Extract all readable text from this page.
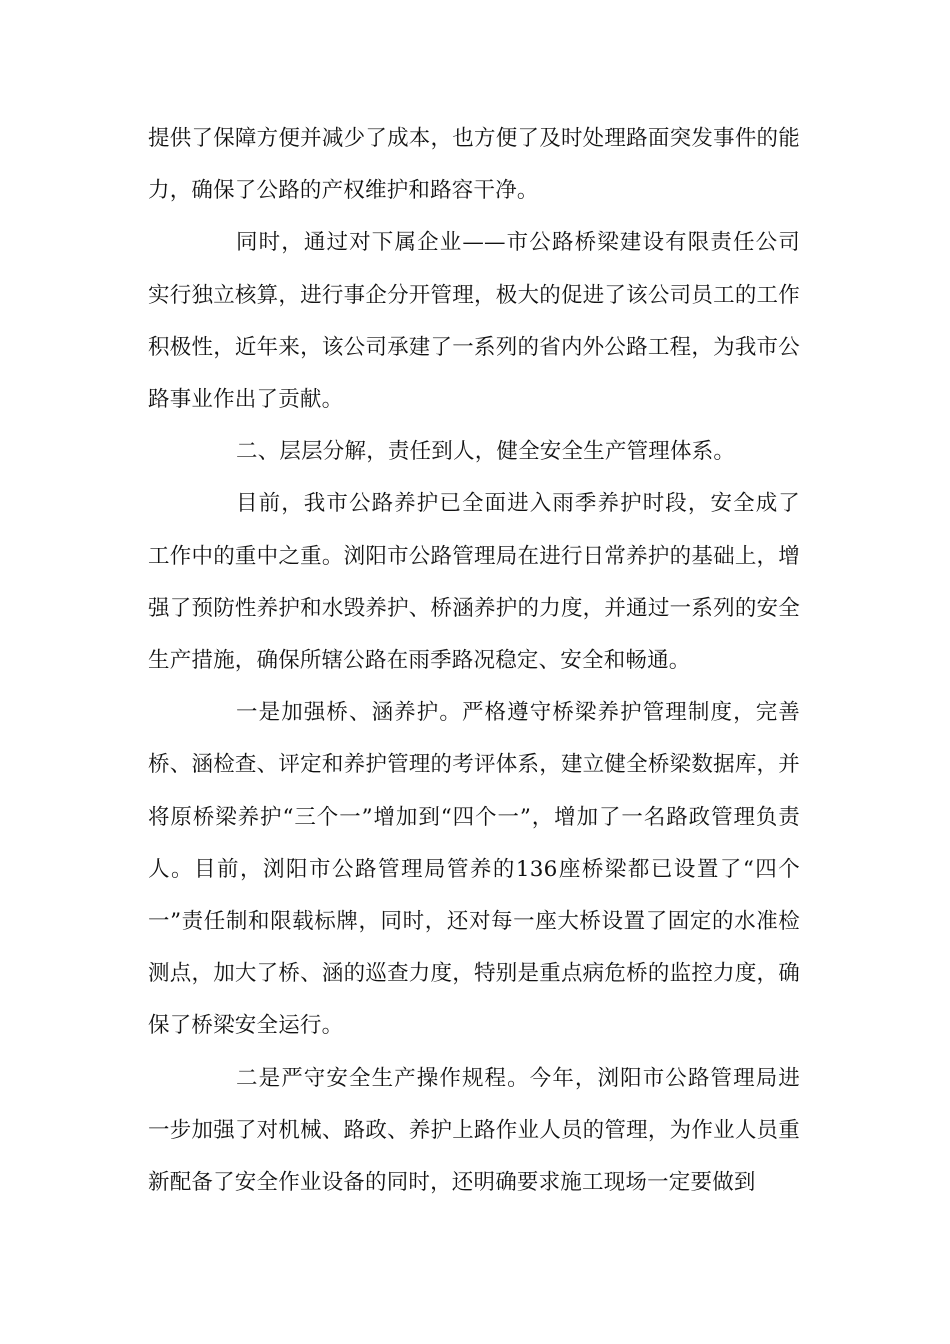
提供了保障方便并减少了成本，也方便了及时处理路面突发事件的能力，确保了公路的产权维护和路容干净。

同时，通过对下属企业——市公路桥梁建设有限责任公司实行独立核算，进行事企分开管理，极大的促进了该公司员工的工作积极性，近年来，该公司承建了一系列的省内外公路工程，为我市公路事业作出了贡献。

二、层层分解，责任到人，健全安全生产管理体系。

目前，我市公路养护已全面进入雨季养护时段，安全成了工作中的重中之重。浏阳市公路管理局在进行日常养护的基础上，增强了预防性养护和水毁养护、桥涵养护的力度，并通过一系列的安全生产措施，确保所辖公路在雨季路况稳定、安全和畅通。

一是加强桥、涵养护。严格遵守桥梁养护管理制度，完善桥、涵检查、评定和养护管理的考评体系，建立健全桥梁数据库，并将原桥梁养护“三个一”增加到“四个一”，增加了一名路政管理负责人。目前，浏阳市公路管理局管养的136座桥梁都已设置了“四个一”责任制和限载标牌，同时，还对每一座大桥设置了固定的水准检测点，加大了桥、涵的巡查力度，特别是重点病危桥的监控力度，确保了桥梁安全运行。

二是严守安全生产操作规程。今年，浏阳市公路管理局进一步加强了对机械、路政、养护上路作业人员的管理，为作业人员重新配备了安全作业设备的同时，还明确要求施工现场一定要做到
